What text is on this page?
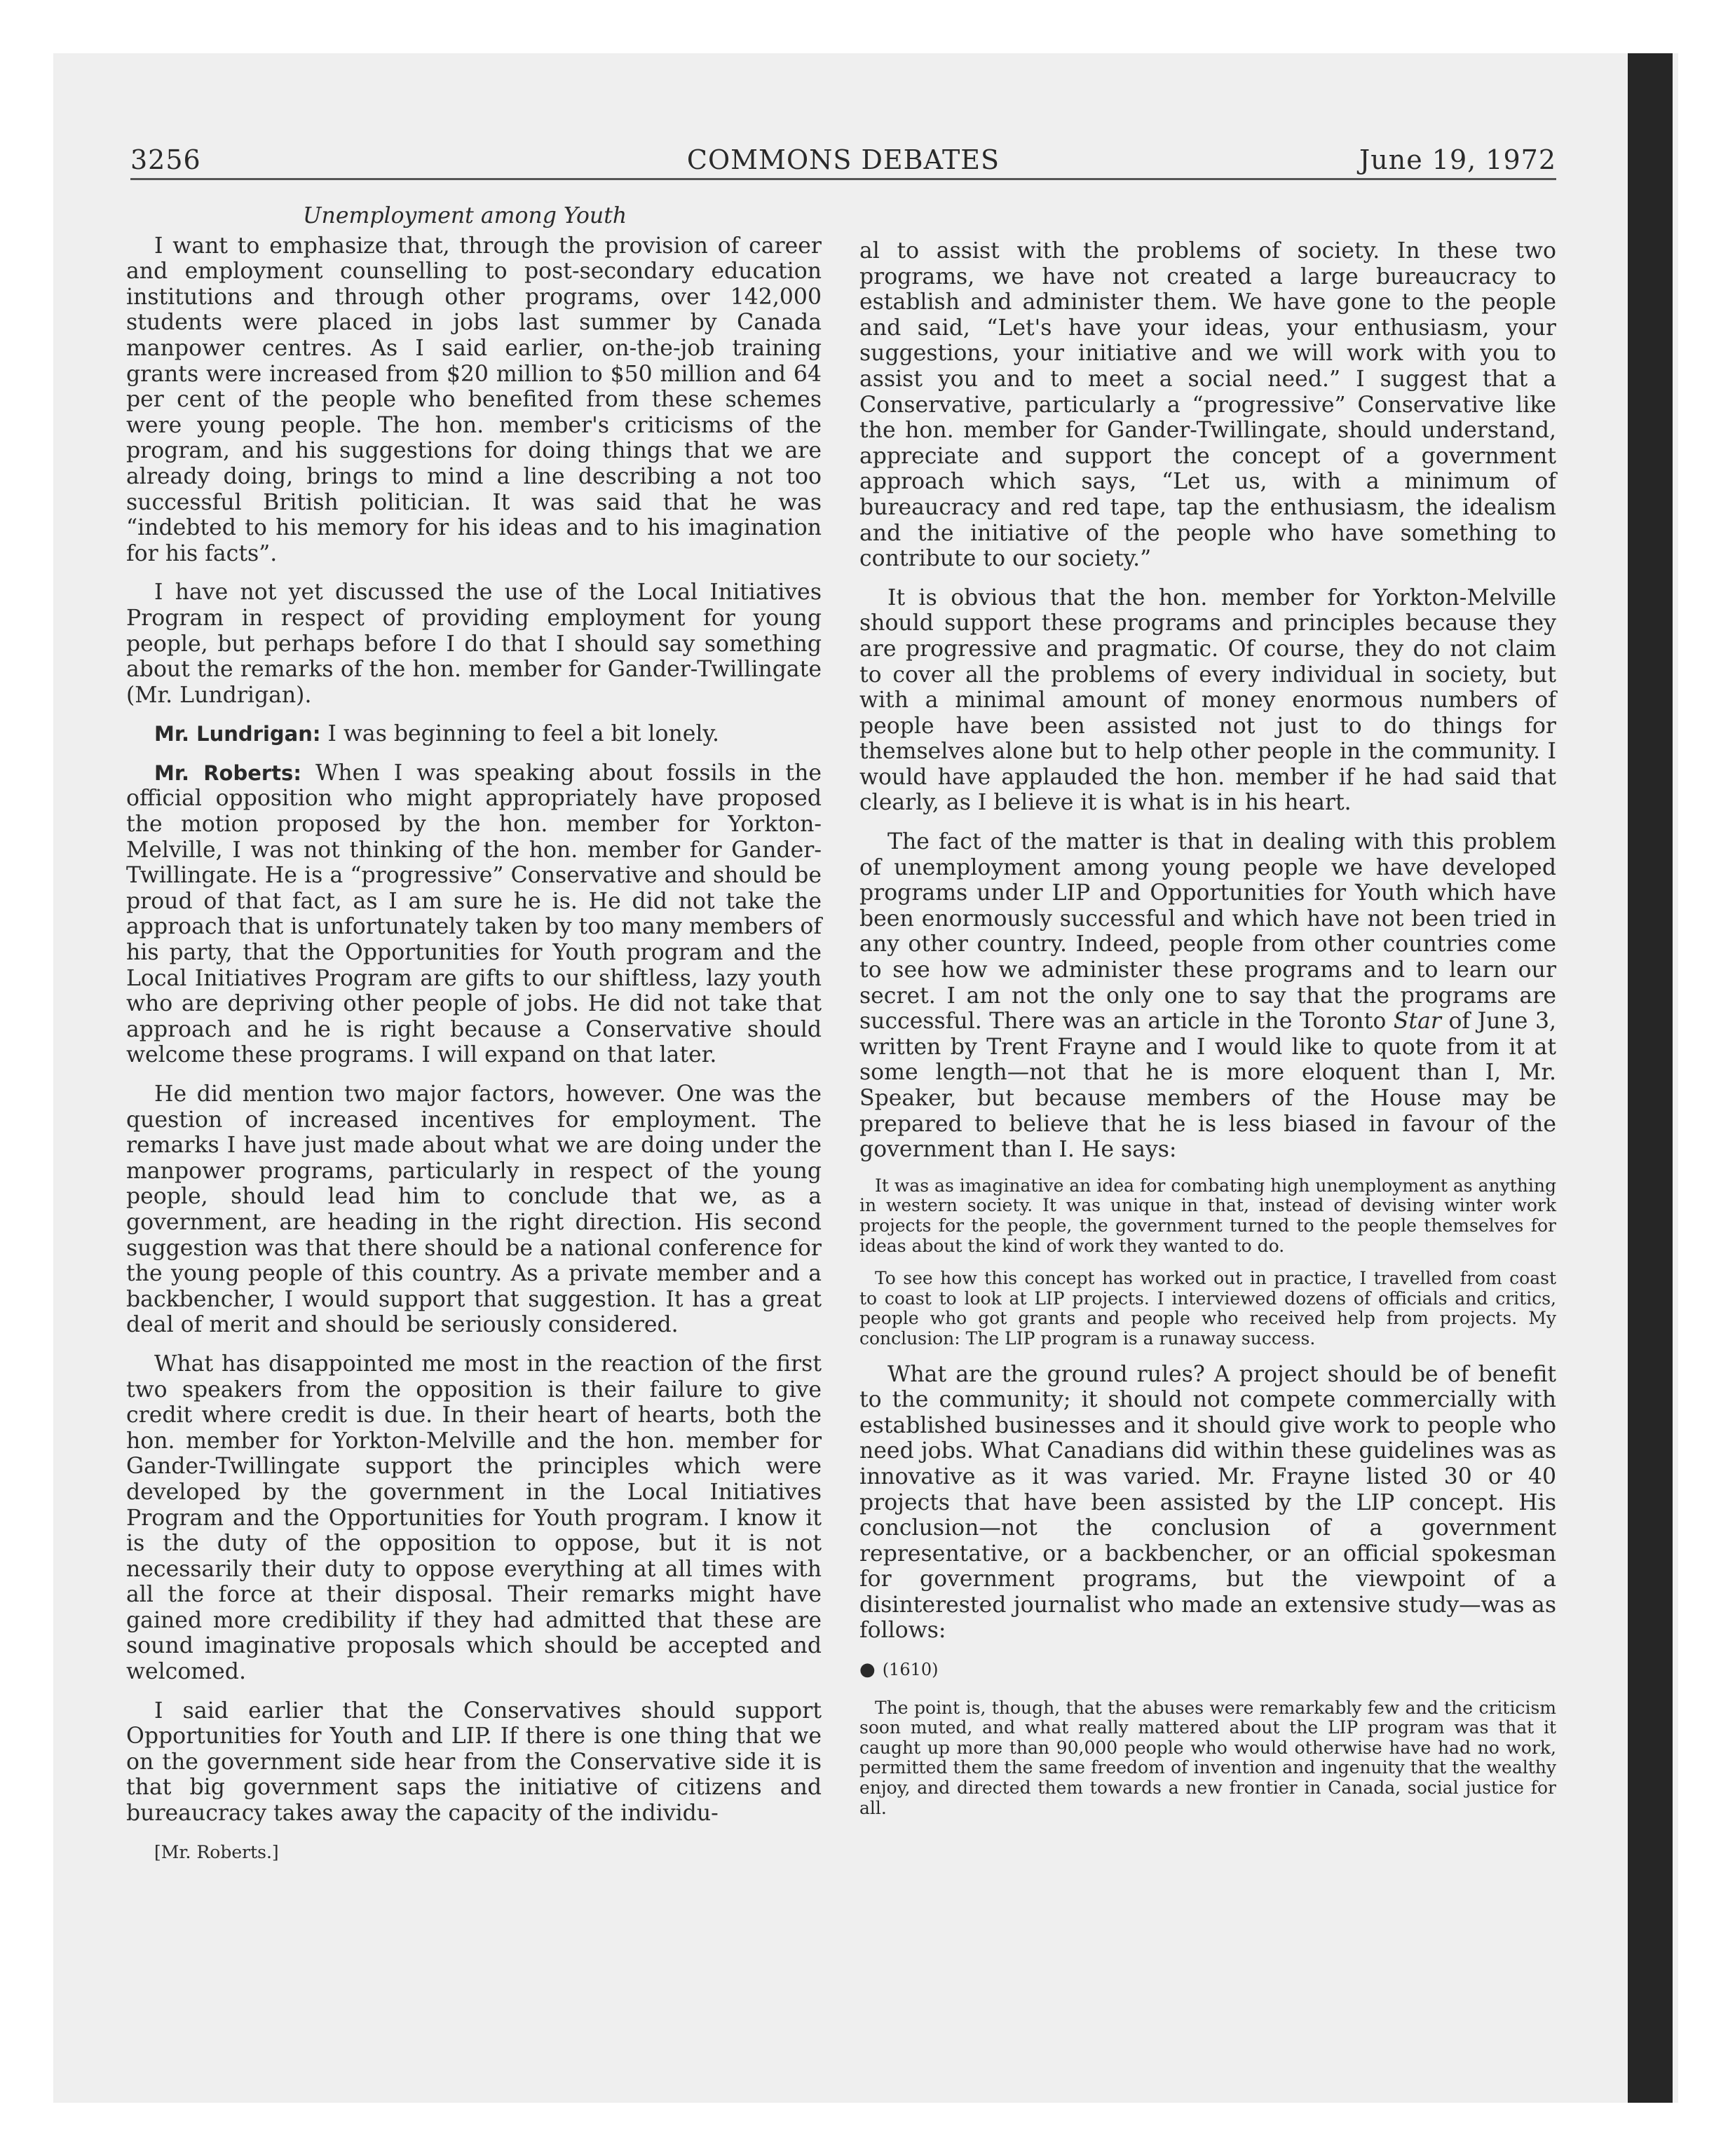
3256	COMMONS DEBATES	June 19, 1972

Unemployment among Youth

I want to emphasize that, through the provision of career and employment counselling to post-secondary education institutions and through other programs, over 142,000 students were placed in jobs last summer by Canada manpower centres. As I said earlier, on-the-job training grants were increased from $20 million to $50 million and 64 per cent of the people who benefited from these schemes were young people. The hon. member's criticisms of the program, and his suggestions for doing things that we are already doing, brings to mind a line describing a not too successful British politician. It was said that he was “indebted to his memory for his ideas and to his imagination for his facts”.

I have not yet discussed the use of the Local Initiatives Program in respect of providing employment for young people, but perhaps before I do that I should say something about the remarks of the hon. member for Gander-Twillingate (Mr. Lundrigan).

Mr. Lundrigan: I was beginning to feel a bit lonely.

Mr. Roberts: When I was speaking about fossils in the official opposition who might appropriately have proposed the motion proposed by the hon. member for Yorkton-Melville, I was not thinking of the hon. member for Gander-Twillingate. He is a “progressive” Conservative and should be proud of that fact, as I am sure he is. He did not take the approach that is unfortunately taken by too many members of his party, that the Opportunities for Youth program and the Local Initiatives Program are gifts to our shiftless, lazy youth who are depriving other people of jobs. He did not take that approach and he is right because a Conservative should welcome these programs. I will expand on that later.

He did mention two major factors, however. One was the question of increased incentives for employment. The remarks I have just made about what we are doing under the manpower programs, particularly in respect of the young people, should lead him to conclude that we, as a government, are heading in the right direction. His second suggestion was that there should be a national conference for the young people of this country. As a private member and a backbencher, I would support that suggestion. It has a great deal of merit and should be seriously considered.

What has disappointed me most in the reaction of the first two speakers from the opposition is their failure to give credit where credit is due. In their heart of hearts, both the hon. member for Yorkton-Melville and the hon. member for Gander-Twillingate support the principles which were developed by the government in the Local Initiatives Program and the Opportunities for Youth program. I know it is the duty of the opposition to oppose, but it is not necessarily their duty to oppose everything at all times with all the force at their disposal. Their remarks might have gained more credibility if they had admitted that these are sound imaginative proposals which should be accepted and welcomed.

I said earlier that the Conservatives should support Opportunities for Youth and LIP. If there is one thing that we on the government side hear from the Conservative side it is that big government saps the initiative of citizens and bureaucracy takes away the capacity of the individu-

[Mr. Roberts.]

al to assist with the problems of society. In these two programs, we have not created a large bureaucracy to establish and administer them. We have gone to the people and said, “Let's have your ideas, your enthusiasm, your suggestions, your initiative and we will work with you to assist you and to meet a social need.” I suggest that a Conservative, particularly a “progressive” Conservative like the hon. member for Gander-Twillingate, should understand, appreciate and support the concept of a government approach which says, “Let us, with a minimum of bureaucracy and red tape, tap the enthusiasm, the idealism and the initiative of the people who have something to contribute to our society.”

It is obvious that the hon. member for Yorkton-Melville should support these programs and principles because they are progressive and pragmatic. Of course, they do not claim to cover all the problems of every individual in society, but with a minimal amount of money enormous numbers of people have been assisted not just to do things for themselves alone but to help other people in the community. I would have applauded the hon. member if he had said that clearly, as I believe it is what is in his heart.

The fact of the matter is that in dealing with this problem of unemployment among young people we have developed programs under LIP and Opportunities for Youth which have been enormously successful and which have not been tried in any other country. Indeed, people from other countries come to see how we administer these programs and to learn our secret. I am not the only one to say that the programs are successful. There was an article in the Toronto Star of June 3, written by Trent Frayne and I would like to quote from it at some length—not that he is more eloquent than I, Mr. Speaker, but because members of the House may be prepared to believe that he is less biased in favour of the government than I. He says:

It was as imaginative an idea for combating high unemployment as anything in western society. It was unique in that, instead of devising winter work projects for the people, the government turned to the people themselves for ideas about the kind of work they wanted to do.
To see how this concept has worked out in practice, I travelled from coast to coast to look at LIP projects. I interviewed dozens of officials and critics, people who got grants and people who received help from projects. My conclusion: The LIP program is a runaway success.

What are the ground rules? A project should be of benefit to the community; it should not compete commercially with established businesses and it should give work to people who need jobs. What Canadians did within these guidelines was as innovative as it was varied. Mr. Frayne listed 30 or 40 projects that have been assisted by the LIP concept. His conclusion—not the conclusion of a government representative, or a backbencher, or an official spokesman for government programs, but the viewpoint of a disinterested journalist who made an extensive study—was as follows:

● (1610)
The point is, though, that the abuses were remarkably few and the criticism soon muted, and what really mattered about the LIP program was that it caught up more than 90,000 people who would otherwise have had no work, permitted them the same freedom of invention and ingenuity that the wealthy enjoy, and directed them towards a new frontier in Canada, social justice for all.
